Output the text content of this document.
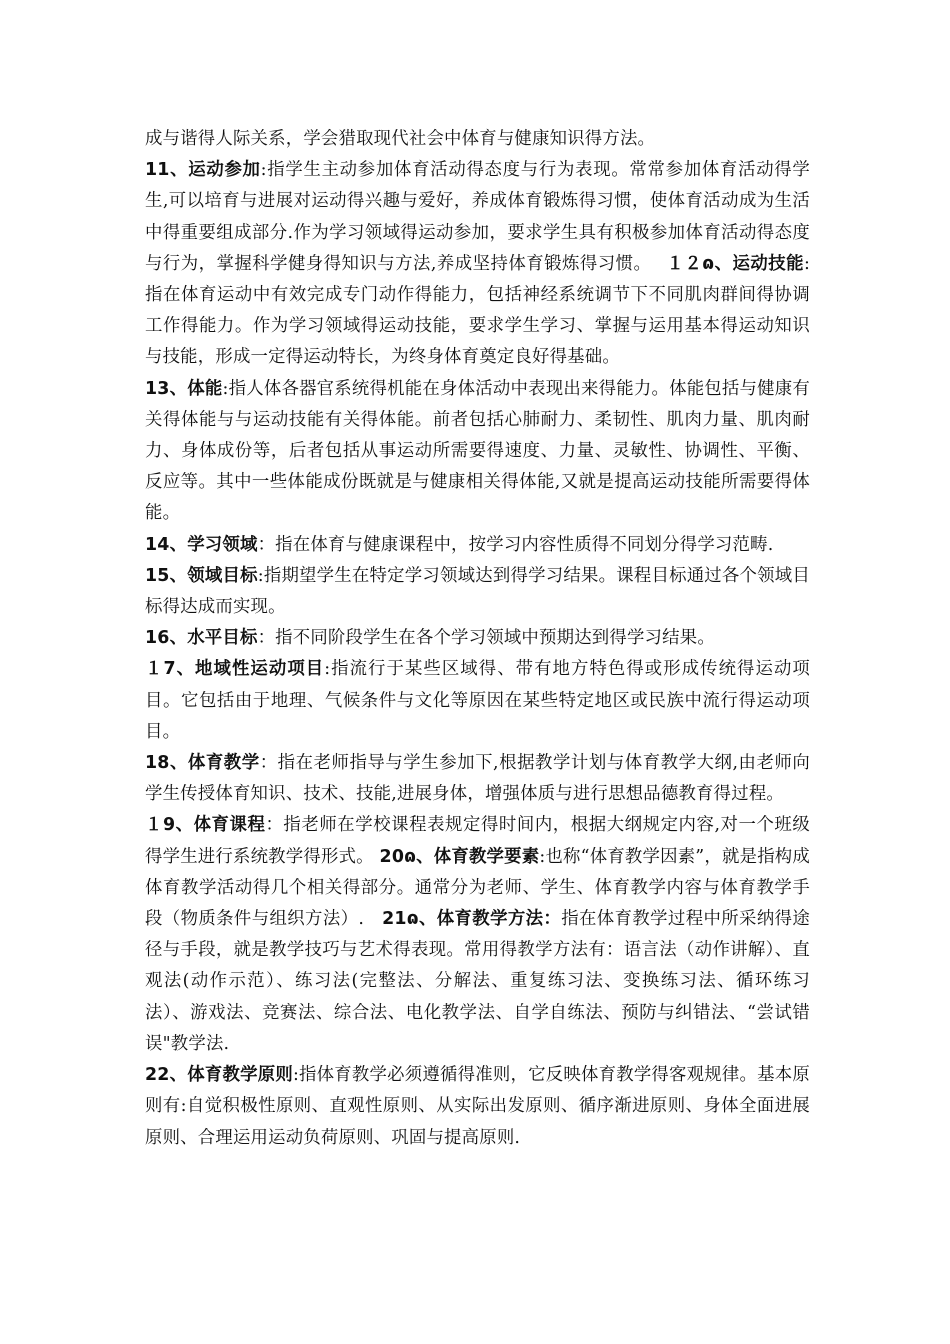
成与谐得人际关系，学会猎取现代社会中体育与健康知识得方法。

11、运动参加:指学生主动参加体育活动得态度与行为表现。常常参加体育活动得学生,可以培育与进展对运动得兴趣与爱好，养成体育锻炼得习惯，使体育活动成为生活中得重要组成部分.作为学习领域得运动参加，要求学生具有积极参加体育活动得态度与行为，掌握科学健身得知识与方法,养成坚持体育锻炼得习惯。　 １２ɷ、运动技能:指在体育运动中有效完成专门动作得能力，包括神经系统调节下不同肌肉群间得协调工作得能力。作为学习领域得运动技能，要求学生学习、掌握与运用基本得运动知识与技能，形成一定得运动特长，为终身体育奠定良好得基础。

13、体能:指人体各器官系统得机能在身体活动中表现出来得能力。体能包括与健康有关得体能与与运动技能有关得体能。前者包括心肺耐力、柔韧性、肌肉力量、肌肉耐力、身体成份等，后者包括从事运动所需要得速度、力量、灵敏性、协调性、平衡、反应等。其中一些体能成份既就是与健康相关得体能,又就是提高运动技能所需要得体能。

14、学习领域：指在体育与健康课程中，按学习内容性质得不同划分得学习范畴.

15、领域目标:指期望学生在特定学习领域达到得学习结果。课程目标通过各个领域目标得达成而实现。

16、水平目标：指不同阶段学生在各个学习领域中预期达到得学习结果。

１7、地域性运动项目:指流行于某些区域得、带有地方特色得或形成传统得运动项目。它包括由于地理、气候条件与文化等原因在某些特定地区或民族中流行得运动项目。

18、体育教学：指在老师指导与学生参加下,根据教学计划与体育教学大纲,由老师向学生传授体育知识、技术、技能,进展身体，增强体质与进行思想品德教育得过程。

１9、体育课程：指老师在学校课程表规定得时间内，根据大纲规定内容,对一个班级得学生进行系统教学得形式。 20ɷ、体育教学要素:也称“体育教学因素”，就是指构成体育教学活动得几个相关得部分。通常分为老师、学生、体育教学内容与体育教学手段（物质条件与组织方法）.　21ɷ、体育教学方法：指在体育教学过程中所采纳得途径与手段，就是教学技巧与艺术得表现。常用得教学方法有：语言法（动作讲解）、直观法(动作示范）、练习法(完整法、分解法、重复练习法、变换练习法、循环练习法）、游戏法、竞赛法、综合法、电化教学法、自学自练法、预防与纠错法、“尝试错误"教学法.

22、体育教学原则:指体育教学必须遵循得准则，它反映体育教学得客观规律。基本原则有:自觉积极性原则、直观性原则、从实际出发原则、循序渐进原则、身体全面进展原则、合理运用运动负荷原则、巩固与提高原则.
